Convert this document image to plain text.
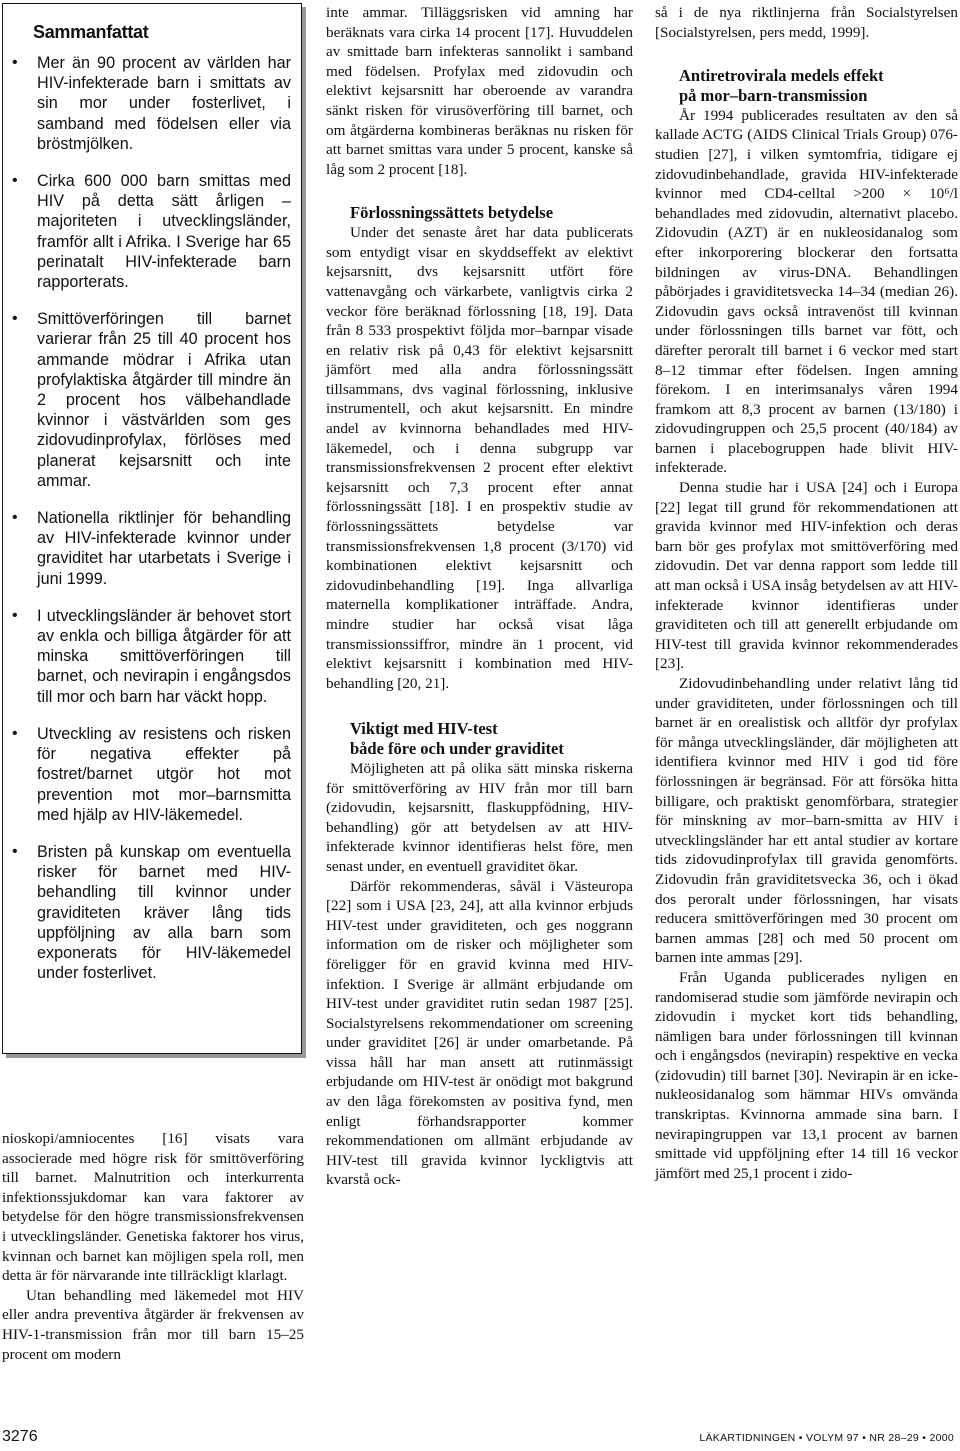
Sammanfattat
• Mer än 90 procent av världen har HIV-infekterade barn i smittats av sin mor under fosterlivet, i samband med födelsen eller via bröstmjölken.
• Cirka 600 000 barn smittas med HIV på detta sätt årligen – majoriteten i utvecklingsländer, framför allt i Afrika. I Sverige har 65 perinatalt HIV-infekterade barn rapporterats.
• Smittöverföringen till barnet varierar från 25 till 40 procent hos ammande mödrar i Afrika utan profylaktiska åtgärder till mindre än 2 procent hos välbehandlade kvinnor i västvärlden som ges zidovudinprofylax, förlöses med planerat kejsarsnitt och inte ammar.
• Nationella riktlinjer för behandling av HIV-infekterade kvinnor under graviditet har utarbetats i Sverige i juni 1999.
• I utvecklingsländer är behovet stort av enkla och billiga åtgärder för att minska smittöverföringen till barnet, och nevirapin i engångsdos till mor och barn har väckt hopp.
• Utveckling av resistens och risken för negativa effekter på fostret/barnet utgör hot mot prevention mot mor–barnsmitta med hjälp av HIV-läkemedel.
• Bristen på kunskap om eventuella risker för barnet med HIV-behandling till kvinnor under graviditeten kräver lång tids uppföljning av alla barn som exponerats för HIV-läkemedel under fosterlivet.

nioskopi/amniocentes [16] visats vara associerade med högre risk för smittöverföring till barnet. Malnutrition och interkurrenta infektionssjukdomar kan vara faktorer av betydelse för den högre transmissionsfrekvensen i utvecklingsländer. Genetiska faktorer hos virus, kvinnan och barnet kan möjligen spela roll, men detta är för närvarande inte tillräckligt klarlagt.

Utan behandling med läkemedel mot HIV eller andra preventiva åtgärder är frekvensen av HIV-1-transmission från mor till barn 15–25 procent om modern

inte ammar. Tilläggsrisken vid amning har beräknats vara cirka 14 procent [17]. Huvuddelen av smittade barn infekteras sannolikt i samband med födelsen. Profylax med zidovudin och elektivt kejsarsnitt har oberoende av varandra sänkt risken för virusöverföring till barnet, och om åtgärderna kombineras beräknas nu risken för att barnet smittas vara under 5 procent, kanske så låg som 2 procent [18].

Förlossningssättets betydelse

Under det senaste året har data publicerats som entydigt visar en skyddseffekt av elektivt kejsarsnitt, dvs kejsarsnitt utfört före vattenavgång och värkarbete, vanligtvis cirka 2 veckor före beräknad förlossning [18, 19]. Data från 8 533 prospektivt följda mor–barnpar visade en relativ risk på 0,43 för elektivt kejsarsnitt jämfört med alla andra förlossningssätt tillsammans, dvs vaginal förlossning, inklusive instrumentell, och akut kejsarsnitt. En mindre andel av kvinnorna behandlades med HIV-läkemedel, och i denna subgrupp var transmissionsfrekvensen 2 procent efter elektivt kejsarsnitt och 7,3 procent efter annat förlossningssätt [18]. I en prospektiv studie av förlossningssättets betydelse var transmissionsfrekvensen 1,8 procent (3/170) vid kombinationen elektivt kejsarsnitt och zidovudinbehandling [19]. Inga allvarliga maternella komplikationer inträffade. Andra, mindre studier har också visat låga transmissionssiffror, mindre än 1 procent, vid elektivt kejsarsnitt i kombination med HIV-behandling [20, 21].

Viktigt med HIV-test
både före och under graviditet

Möjligheten att på olika sätt minska riskerna för smittöverföring av HIV från mor till barn (zidovudin, kejsarsnitt, flaskuppfödning, HIV-behandling) gör att betydelsen av att HIV-infekterade kvinnor identifieras helst före, men senast under, en eventuell graviditet ökar.

Därför rekommenderas, såväl i Västeuropa [22] som i USA [23, 24], att alla kvinnor erbjuds HIV-test under graviditeten, och ges noggrann information om de risker och möjligheter som föreligger för en gravid kvinna med HIV-infektion. I Sverige är allmänt erbjudande om HIV-test under graviditet rutin sedan 1987 [25]. Socialstyrelsens rekommendationer om screening under graviditet [26] är under omarbetande. På vissa håll har man ansett att rutinmässigt erbjudande om HIV-test är onödigt mot bakgrund av den låga förekomsten av positiva fynd, men enligt förhandsrapporter kommer rekommendationen om allmänt erbjudande av HIV-test till gravida kvinnor lyckligtvis att kvarstå ock-

så i de nya riktlinjerna från Socialstyrelsen [Socialstyrelsen, pers medd, 1999].

Antiretrovirala medels effekt
på mor–barn-transmission

År 1994 publicerades resultaten av den så kallade ACTG (AIDS Clinical Trials Group) 076-studien [27], i vilken symtomfria, tidigare ej zidovudinbehandlade, gravida HIV-infekterade kvinnor med CD4-celltal >200 × 10⁶/l behandlades med zidovudin, alternativt placebo. Zidovudin (AZT) är en nukleosidanalog som efter inkorporering blockerar den fortsatta bildningen av virus-DNA. Behandlingen påbörjades i graviditetsvecka 14–34 (median 26). Zidovudin gavs också intravenöst till kvinnan under förlossningen tills barnet var fött, och därefter peroralt till barnet i 6 veckor med start 8–12 timmar efter födelsen. Ingen amning förekom. I en interimsanalys våren 1994 framkom att 8,3 procent av barnen (13/180) i zidovudingruppen och 25,5 procent (40/184) av barnen i placebogruppen hade blivit HIV-infekterade.

Denna studie har i USA [24] och i Europa [22] legat till grund för rekommendationen att gravida kvinnor med HIV-infektion och deras barn bör ges profylax mot smittöverföring med zidovudin. Det var denna rapport som ledde till att man också i USA insåg betydelsen av att HIV-infekterade kvinnor identifieras under graviditeten och till att generellt erbjudande om HIV-test till gravida kvinnor rekommenderades [23].

Zidovudinbehandling under relativt lång tid under graviditeten, under förlossningen och till barnet är en orealistisk och alltför dyr profylax för många utvecklingsländer, där möjligheten att identifiera kvinnor med HIV i god tid före förlossningen är begränsad. För att försöka hitta billigare, och praktiskt genomförbara, strategier för minskning av mor–barn-smitta av HIV i utvecklingsländer har ett antal studier av kortare tids zidovudinprofylax till gravida genomförts. Zidovudin från graviditetsvecka 36, och i ökad dos peroralt under förlossningen, har visats reducera smittöverföringen med 30 procent om barnen ammas [28] och med 50 procent om barnen inte ammas [29].

Från Uganda publicerades nyligen en randomiserad studie som jämförde nevirapin och zidovudin i mycket kort tids behandling, nämligen bara under förlossningen till kvinnan och i engångsdos (nevirapin) respektive en vecka (zidovudin) till barnet [30]. Nevirapin är en icke-nukleosidanalog som hämmar HIVs omvända transkriptas. Kvinnorna ammade sina barn. I nevirapingruppen var 13,1 procent av barnen smittade vid uppföljning efter 14 till 16 veckor jämfört med 25,1 procent i zido-

3276	LÄKARTIDNINGEN • VOLYM 97 • NR 28–29 • 2000
